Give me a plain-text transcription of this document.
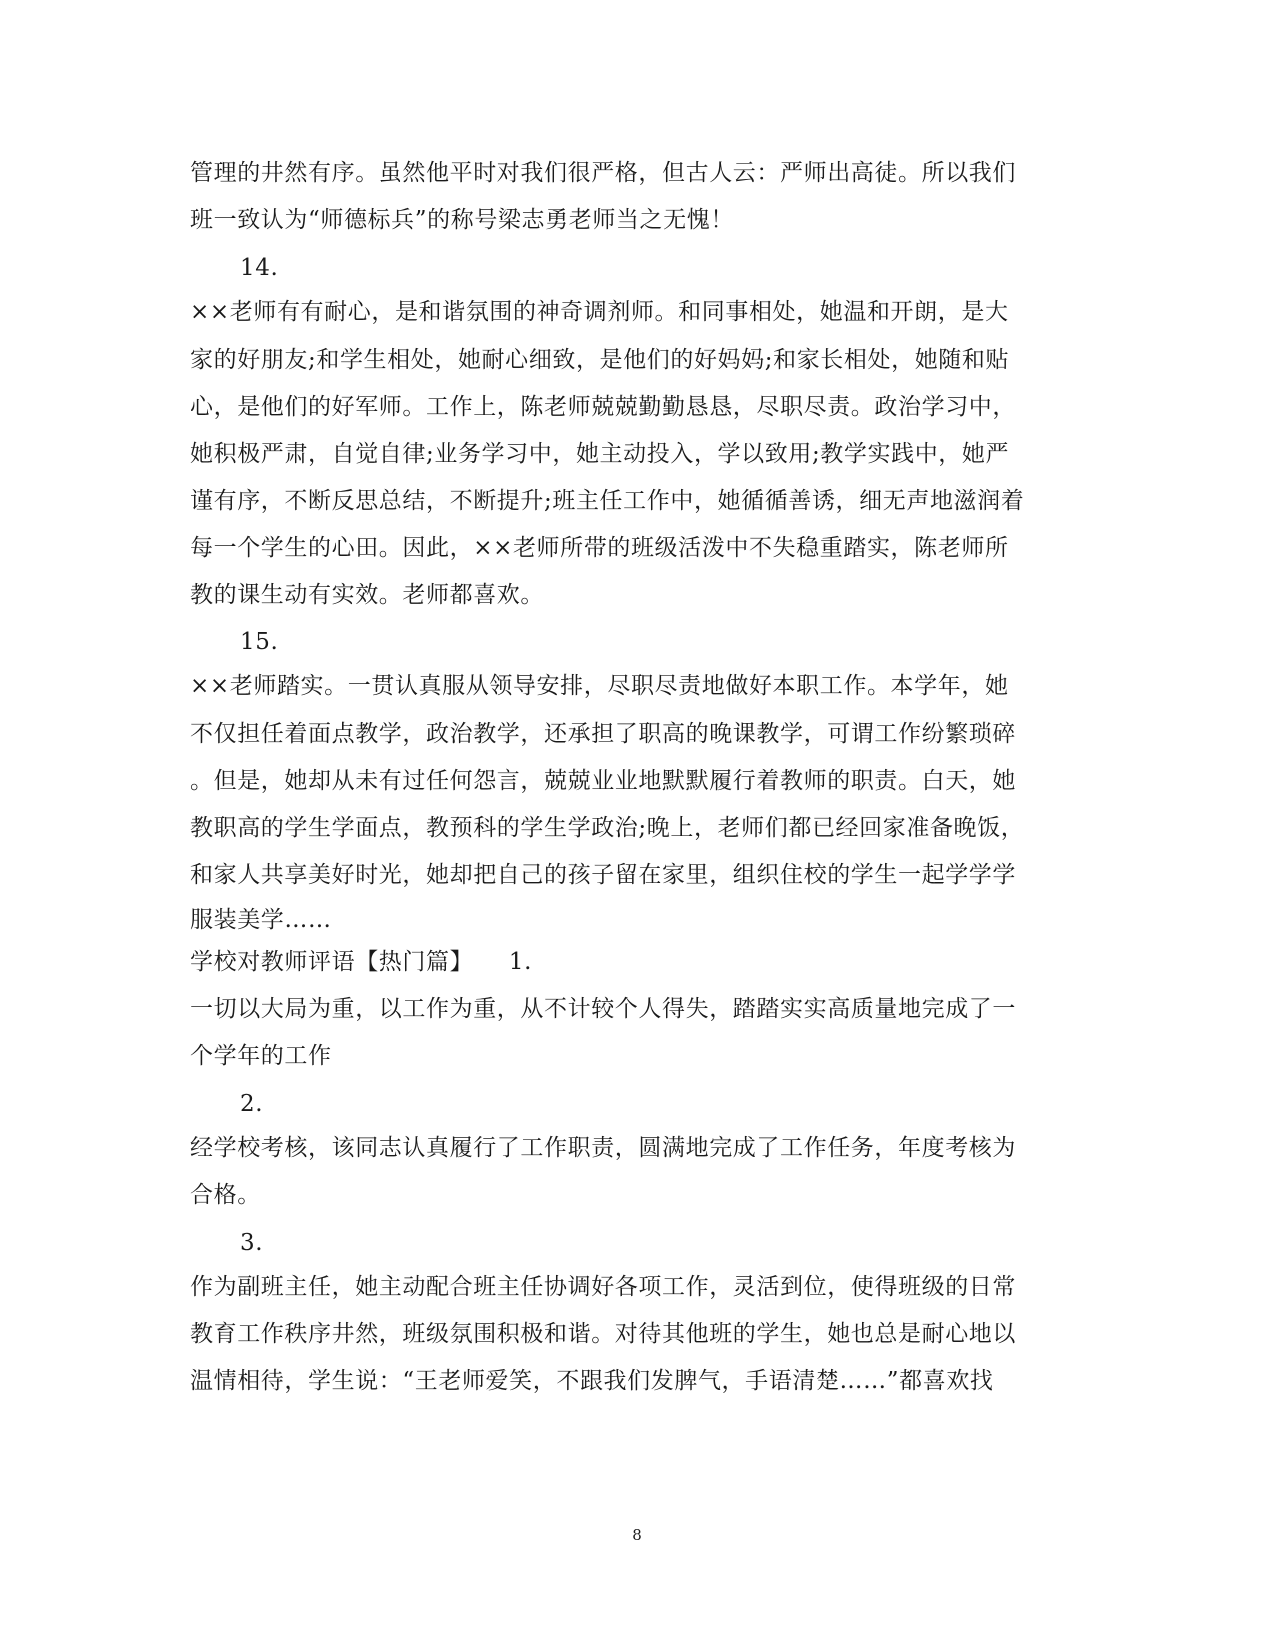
管理的井然有序。虽然他平时对我们很严格，但古人云：严师出高徒。所以我们
班一致认为“师德标兵”的称号梁志勇老师当之无愧！
14.
××老师有有耐心，是和谐氛围的神奇调剂师。和同事相处，她温和开朗，是大
家的好朋友;和学生相处，她耐心细致，是他们的好妈妈;和家长相处，她随和贴
心，是他们的好军师。工作上，陈老师兢兢勤勤恳恳，尽职尽责。政治学习中，
她积极严肃，自觉自律;业务学习中，她主动投入，学以致用;教学实践中，她严
谨有序，不断反思总结，不断提升;班主任工作中，她循循善诱，细无声地滋润着
每一个学生的心田。因此，××老师所带的班级活泼中不失稳重踏实，陈老师所
教的课生动有实效。老师都喜欢。
15.
××老师踏实。一贯认真服从领导安排，尽职尽责地做好本职工作。本学年，她
不仅担任着面点教学，政治教学，还承担了职高的晚课教学，可谓工作纷繁琐碎
。但是，她却从未有过任何怨言，兢兢业业地默默履行着教师的职责。白天，她
教职高的学生学面点，教预科的学生学政治;晚上，老师们都已经回家准备晚饭，
和家人共享美好时光，她却把自己的孩子留在家里，组织住校的学生一起学学学
服装美学……
学校对教师评语【热门篇】　　1.
一切以大局为重，以工作为重，从不计较个人得失，踏踏实实高质量地完成了一
个学年的工作
2.
经学校考核，该同志认真履行了工作职责，圆满地完成了工作任务，年度考核为
合格。
3.
作为副班主任，她主动配合班主任协调好各项工作，灵活到位，使得班级的日常
教育工作秩序井然，班级氛围积极和谐。对待其他班的学生，她也总是耐心地以
温情相待，学生说：“王老师爱笑，不跟我们发脾气，手语清楚……”都喜欢找
8
